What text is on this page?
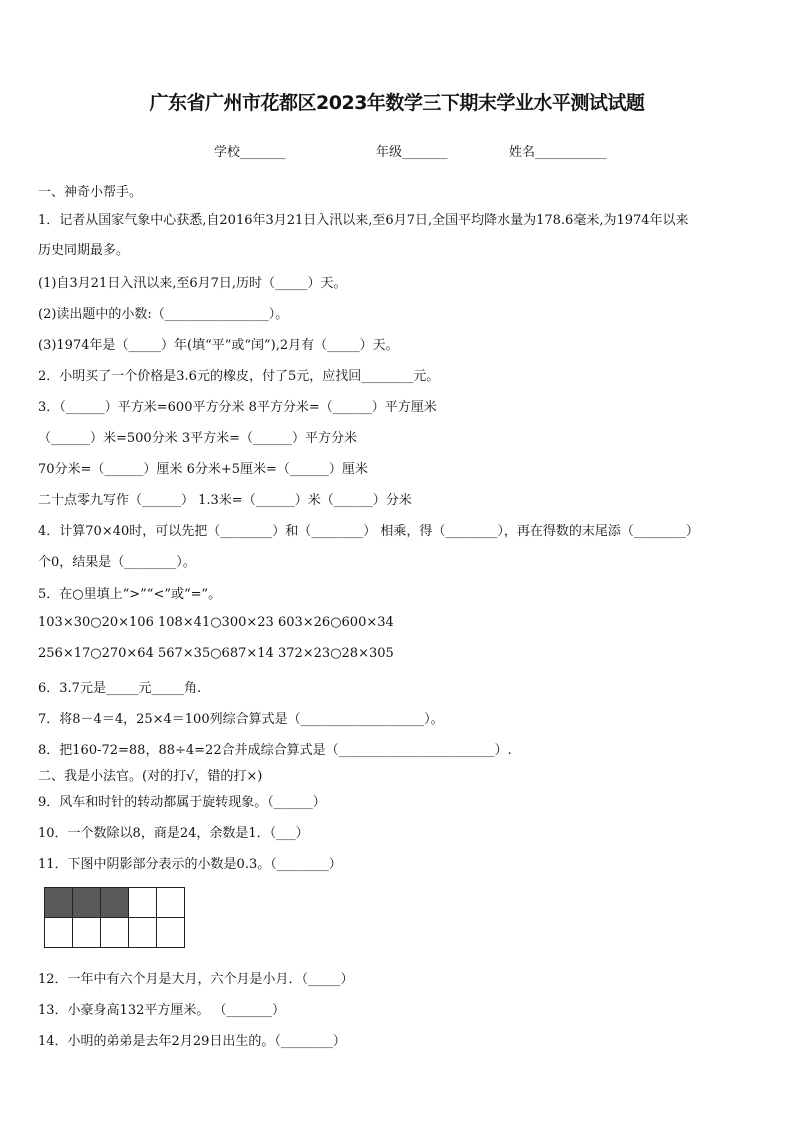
广东省广州市花都区2023年数学三下期末学业水平测试试题
学校_______	年级_______	姓名___________
一、神奇小帮手。
1．记者从国家气象中心获悉,自2016年3月21日入汛以来,至6月7日,全国平均降水量为178.6毫米,为1974年以来
历史同期最多。
(1)自3月21日入汛以来,至6月7日,历时（_____）天。
(2)读出题中的小数:（________________）。
(3)1974年是（_____）年(填“平”或“闰”),2月有（_____）天。
2．小明买了一个价格是3.6元的橡皮，付了5元，应找回________元。
3．（______）平方米=600平方分米 8平方分米=（______）平方厘米
（______）米=500分米 3平方米=（______）平方分米
70分米=（______）厘米 6分米+5厘米=（______）厘米
二十点零九写作（______） 1.3米=（______）米（______）分米
4．计算70×40时，可以先把（________）和（________） 相乘，得（________），再在得数的末尾添（________）
个0，结果是（________）。
5．在○里填上“>”“<”或“=”。
103×30○20×106 108×41○300×23 603×26○600×34
256×17○270×64 567×35○687×14 372×23○28×305
6．3.7元是_____元_____角.
7．将8－4＝4，25×4＝100列综合算式是（___________________）。
8．把160-72=88，88÷4=22合并成综合算式是（________________________）.
二、我是小法官。(对的打√，错的打×)
9．风车和时针的转动都属于旋转现象。（______）
10．一个数除以8，商是24，余数是1．（___）
11．下图中阴影部分表示的小数是0.3。（________）

12．一年中有六个月是大月，六个月是小月．（_____）
13．小豪身高132平方厘米。 （_______）
14．小明的弟弟是去年2月29日出生的。（________）
